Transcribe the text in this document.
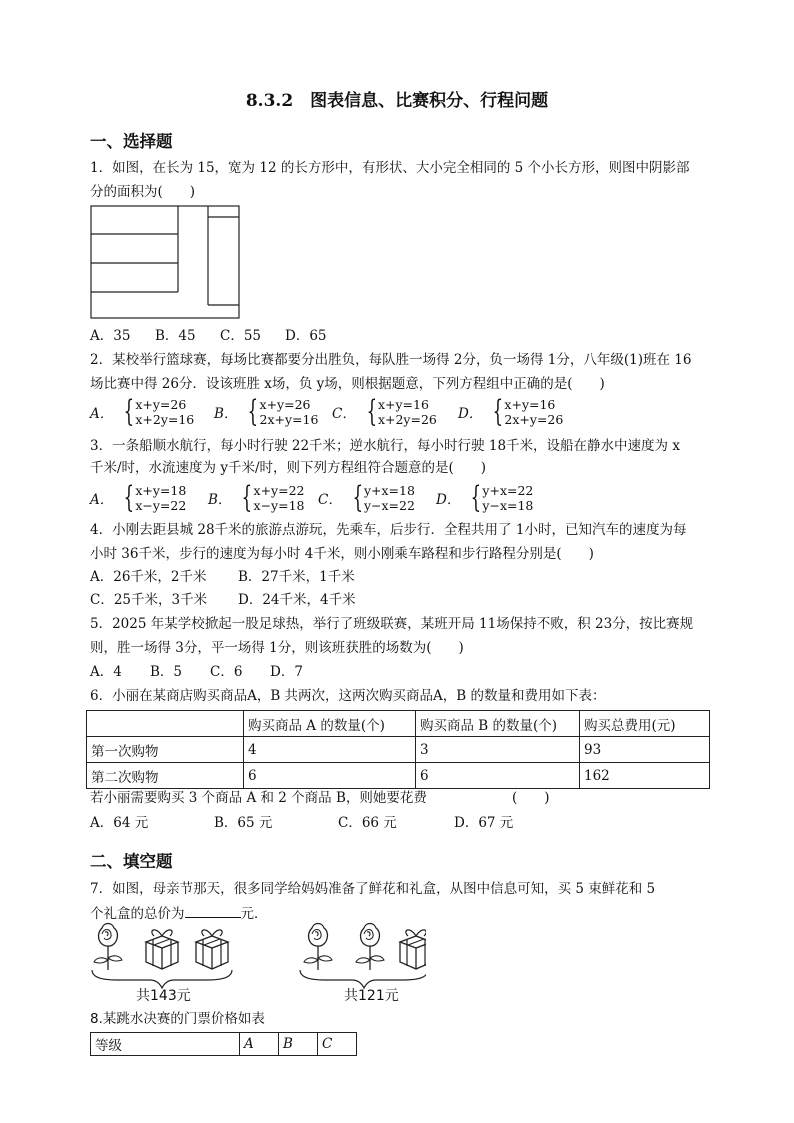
8.3.2　图表信息、比赛积分、行程问题
一、选择题
1．如图，在长为 15，宽为 12 的长方形中，有形状、大小完全相同的 5 个小长方形，则图中阴影部
分的面积为(　　)
A．35 B．45 C．55 D．65
2．某校举行篮球赛，每场比赛都要分出胜负，每队胜一场得 2分，负一场得 1分，八年级(1)班在 16
场比赛中得 26分．设该班胜 x场，负 y场，则根据题意，下列方程组中正确的是(　　)
A． { x+y=26
x+2y=16 B． { x+y=26
2x+y=16 C． { x+y=16
x+2y=26 D． { x+y=16
2x+y=26
3．一条船顺水航行，每小时行驶 22千米；逆水航行，每小时行驶 18千米，设船在静水中速度为 x
千米/时，水流速度为 y千米/时，则下列方程组符合题意的是(　　)
A． { x+y=18
x−y=22 B． { x+y=22
x−y=18 C． { y+x=18
y−x=22 D． { y+x=22
y−x=18
4．小刚去距县城 28千米的旅游点游玩，先乘车，后步行．全程共用了 1小时，已知汽车的速度为每
小时 36千米，步行的速度为每小时 4千米，则小刚乘车路程和步行路程分别是(　　)
A．26千米，2千米 B．27千米，1千米
C．25千米，3千米 D．24千米，4千米
5．2025 年某学校掀起一股足球热，举行了班级联赛，某班开局 11场保持不败，积 23分，按比赛规
则，胜一场得 3分，平一场得 1分，则该班获胜的场数为(　　)
A．4 B．5 C．6 D．7
6．小丽在某商店购买商品A，B 共两次，这两次购买商品A，B 的数量和费用如下表：
	购买商品 A 的数量(个)	购买商品 B 的数量(个)	购买总费用(元)
第一次购物	4	3	93
第二次购物	6	6	162
若小丽需要购买 3 个商品 A 和 2 个商品 B，则她要花费	(　　)
A．64 元	B．65 元	C．66 元	D．67 元
二、填空题
7．如图，母亲节那天，很多同学给妈妈准备了鲜花和礼盒，从图中信息可知，买 5 束鲜花和 5
个礼盒的总价为	元．
共143元	共121元
8.某跳水决赛的门票价格如表
等级	A	B	C
